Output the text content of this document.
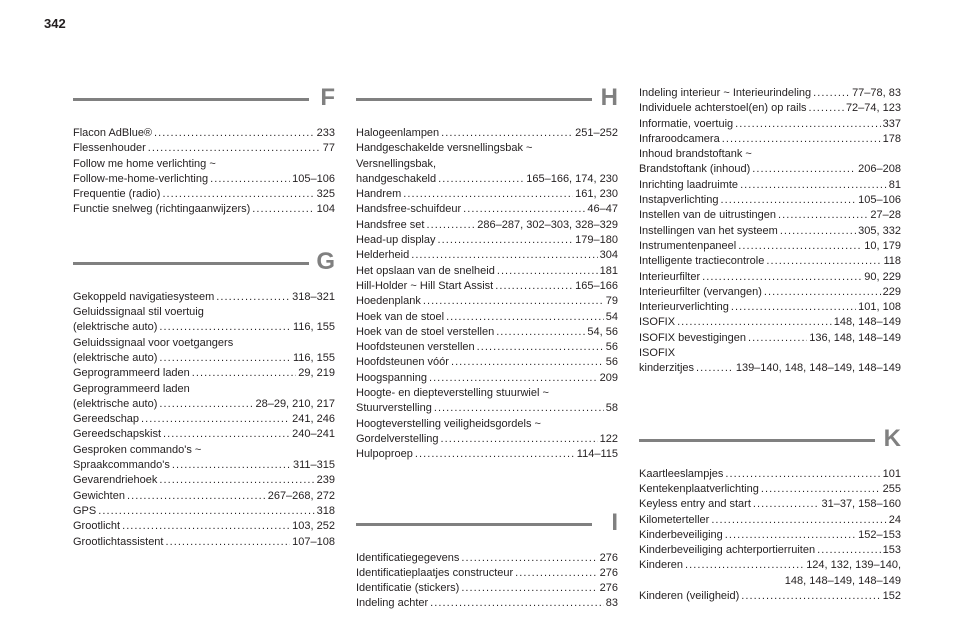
342
F
Flacon AdBlue® . . .	233
Flessenhouder . . .	77
Follow me home verlichting ~
Follow-me-home-verlichting . . .	105–106
Frequentie (radio) . . .	325
Functie snelweg (richtingaanwijzers) . . .	104
G
Gekoppeld navigatiesysteem . . .	318–321
Geluidssignaal stil voertuig
(elektrische auto) . . .	116, 155
Geluidssignaal voor voetgangers
(elektrische auto) . . .	116, 155
Geprogrammeerd laden . . .	29, 219
Geprogrammeerd laden
(elektrische auto) . . .	28–29, 210, 217
Gereedschap . . .	241, 246
Gereedschapskist . . .	240–241
Gesproken commando's ~
Spraakcommando's . . .	311–315
Gevarendriehoek . . .	239
Gewichten . . .	267–268, 272
GPS . . .	318
Grootlicht . . .	103, 252
Grootlichtassistent . . .	107–108
H
Halogeenlampen . . .	251–252
Handgeschakelde versnellingsbak ~
Versnellingsbak,
handgeschakeld . . .	165–166, 174, 230
Handrem . . .	161, 230
Handsfree-schuifdeur . . .	46–47
Handsfree set . . .	286–287, 302–303, 328–329
Head-up display . . .	179–180
Helderheid . . .	304
Het opslaan van de snelheid . . .	181
Hill-Holder ~ Hill Start Assist . . .	165–166
Hoedenplank . . .	79
Hoek van de stoel . . .	54
Hoek van de stoel verstellen . . .	54, 56
Hoofdsteunen verstellen . . .	56
Hoofdsteunen vóór . . .	56
Hoogspanning . . .	209
Hoogte- en diepteverstelling stuurwiel ~
Stuurverstelling . . .	58
Hoogteverstelling veiligheidsgordels ~
Gordelverstelling . . .	122
Hulpoproep . . .	114–115
I
Identificatiegegevens . . .	276
Identificatieplaatjes constructeur . . .	276
Identificatie (stickers) . . .	276
Indeling achter . . .	83
Indeling interieur ~ Interieurindeling . . .	77–78, 83
Individuele achterstoel(en) op rails . . .	72–74, 123
Informatie, voertuig . . .	337
Infraroodcamera . . .	178
Inhoud brandstoftank ~
Brandstoftank (inhoud) . . .	206–208
Inrichting laadruimte . . .	81
Instapverlichting . . .	105–106
Instellen van de uitrustingen . . .	27–28
Instellingen van het systeem . . .	305, 332
Instrumentenpaneel . . .	10, 179
Intelligente tractiecontrole . . .	118
Interieurfilter . . .	90, 229
Interieurfilter (vervangen) . . .	229
Interieurverlichting . . .	101, 108
ISOFIX . . .	148, 148–149
ISOFIX bevestigingen . . .	136, 148, 148–149
ISOFIX
kinderzitjes . . .	139–140, 148, 148–149, 148–149
K
Kaartleeslampjes . . .	101
Kentekenplaatverlichting . . .	255
Keyless entry and start . . .	31–37, 158–160
Kilometerteller . . .	24
Kinderbeveiliging . . .	152–153
Kinderbeveiliging achterportierruiten . . .	153
Kinderen . . .	124, 132, 139–140,
148, 148–149, 148–149
Kinderen (veiligheid) . . .	152
